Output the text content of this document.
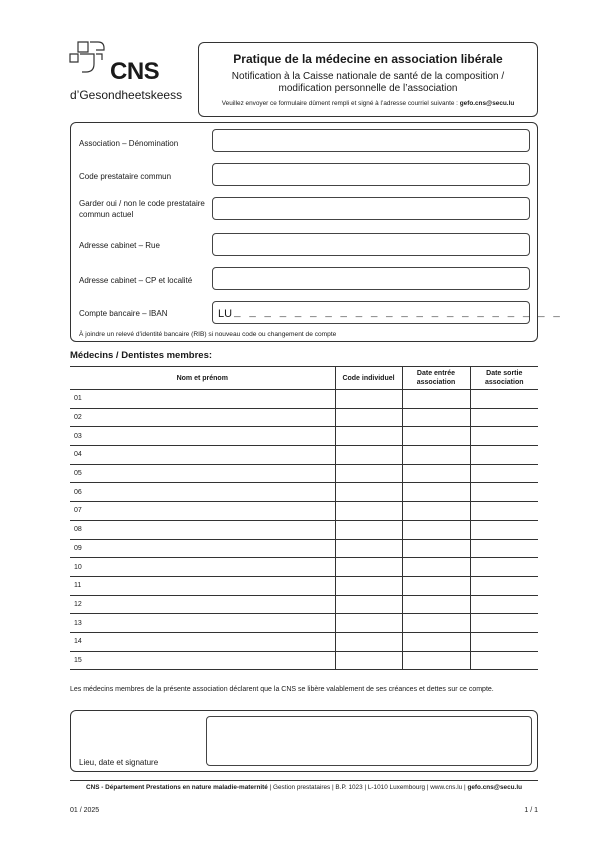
CNS
d’Gesondheetskeess
Pratique de la médecine en association libérale
Notification à la Caisse nationale de santé de la composition / modification personnelle de l’association
Veuillez envoyer ce formulaire dûment rempli et signé à l’adresse courriel suivante : gefo.cns@secu.lu
Association – Dénomination
Code prestataire commun
Garder oui / non le code prestataire commun actuel
Adresse cabinet – Rue
Adresse cabinet – CP et localité
Compte bancaire – IBAN	LU _ _ _ _ _ _ _ _ _ _ _ _ _ _ _ _ _ _ _ _ _ _
À joindre un relevé d’identité bancaire (RIB) si nouveau code ou changement de compte
Médecins / Dentistes membres:
Nom et prénom	Code individuel	Date entrée association	Date sortie association
01			
02			
03			
04			
05			
06			
07			
08			
09			
10			
11			
12			
13			
14			
15			
Les médecins membres de la présente association déclarent que la CNS se libère valablement de ses créances et dettes sur ce compte.
Lieu, date et signature
CNS - Département Prestations en nature maladie-maternité | Gestion prestataires | B.P. 1023 | L-1010 Luxembourg | www.cns.lu | gefo.cns@secu.lu
01 / 2025	1 / 1
